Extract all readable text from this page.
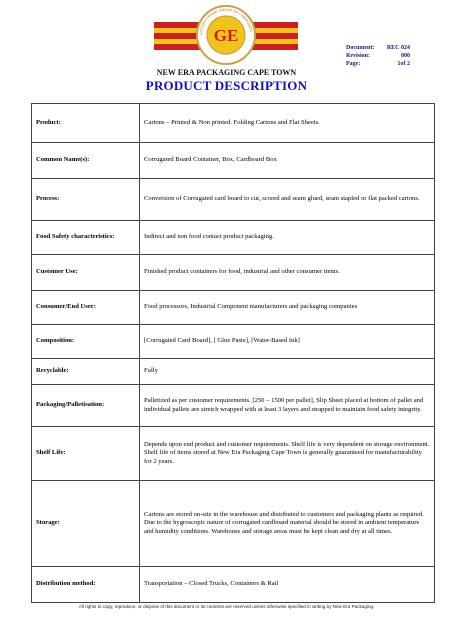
GE
GOLDEN FRAME GROUP OF COMPANIES
Document:	REC 024
Revision:	000
Page:	1of 2
NEW ERA PACKAGING CAPE TOWN
PRODUCT DESCRIPTION
Product:	Cartons – Printed & Non printed. Folding Cartons and Flat Sheets.
Common Name(s):	Corrugated Board Container, Box, Cardboard Box
Process:	Conversion of Corrugated card board to cut, scored and seam glued, seam stapled or flat packed cartons.
Food Safety characteristics:	Indirect and non food contact product packaging.
Customer Use:	Finished product containers for food, industrial and other consumer items.
Consumer/End User:	Food processors, Industrial Component manufacturers and packaging companies
Composition:	[Corrugated Card Board], [ Glue Paste], [Water-Based Ink]
Recyclable:	Fully
Packaging/Palletisation:	Palletized as per customer requirements. [250 – 1500 per pallet], Slip Sheet placed at bottom of pallet and individual pallets are stretch wrapped with at least 3 layers and strapped to maintain food safety integrity.
Shelf Life:	Depends upon end product and customer requirements. Shelf life is very dependent on storage environment. Shelf life of items stored at New Era Packaging Cape Town is generally guaranteed for manufacturability for 2 years.
Storage:	Cartons are stored on-site in the warehouse and distributed to customers and packaging plants as required. Due to the hygroscopic nature of corrugated cardboard material should be stored in ambient temperature and humidity conditions. Warehouse and storage areas must be kept clean and dry at all times.
Distribution method:	Transportation – Closed Trucks, Containers & Rail
All rights to copy, reproduce, or dispose of this document or its contents are reserved unless otherwise specified in writing by New Era Packaging.
